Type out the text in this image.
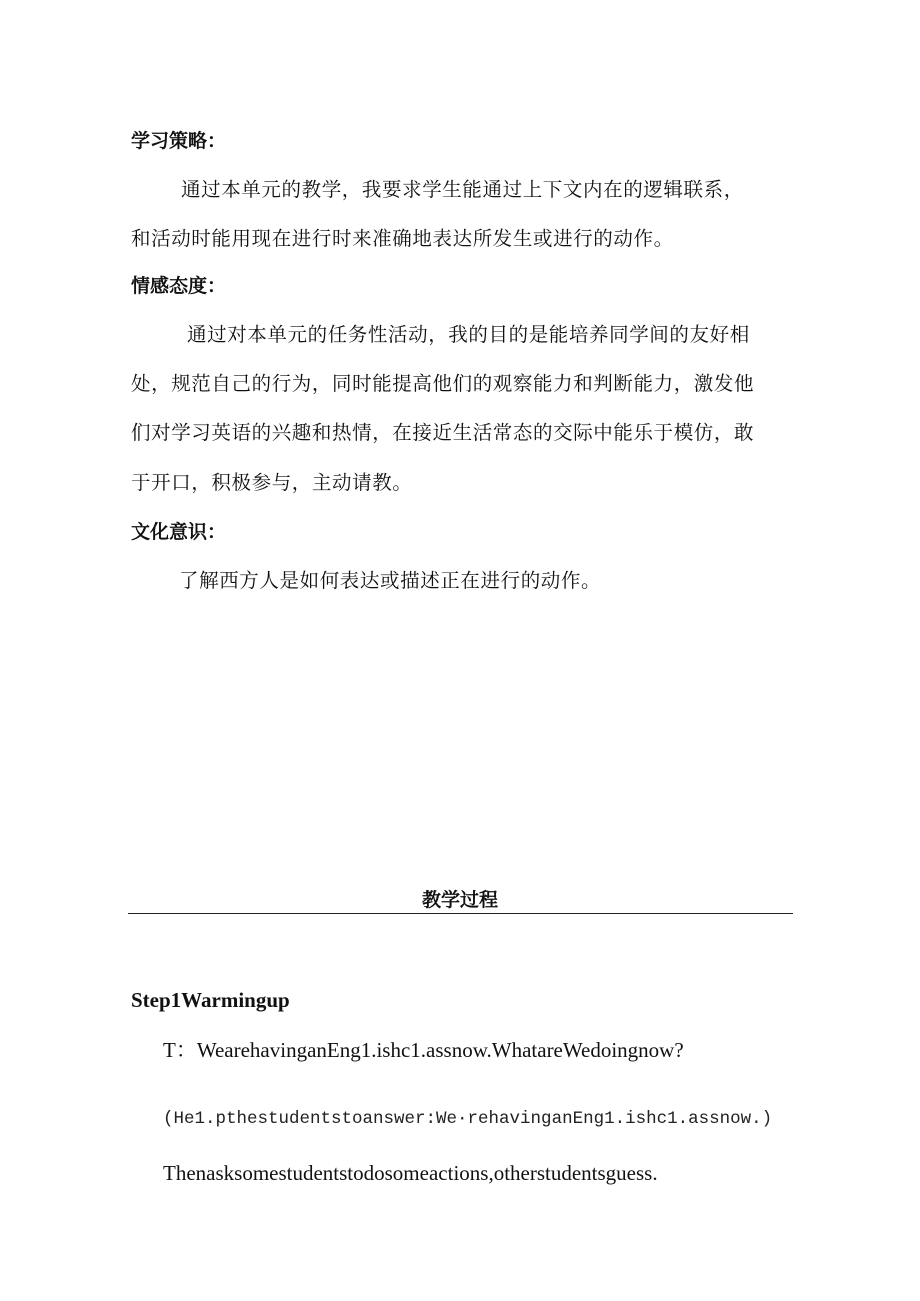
学习策略：
通过本单元的教学，我要求学生能通过上下文内在的逻辑联系，
和活动时能用现在进行时来准确地表达所发生或进行的动作。
情感态度：
通过对本单元的任务性活动，我的目的是能培养同学间的友好相
处，规范自己的行为，同时能提高他们的观察能力和判断能力，激发他
们对学习英语的兴趣和热情，在接近生活常态的交际中能乐于模仿，敢
于开口，积极参与，主动请教。
文化意识：
了解西方人是如何表达或描述正在进行的动作。
教学过程
Step1Warmingup
T：WearehavinganEng1.ishc1.assnow.WhatareWedoingnow?
(He1.pthestudentstoanswer:We·rehavinganEng1.ishc1.assnow.)
Thenasksomestudentstodosomeactions,otherstudentsguess.
